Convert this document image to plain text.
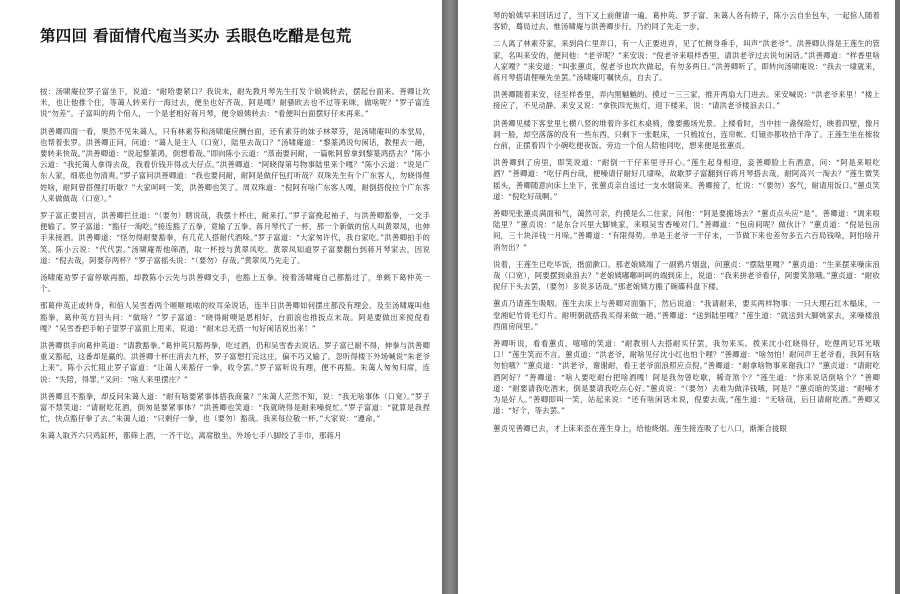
第四回 看面情代庖当买办 丢眼色吃醋是包荒

按：汤啸庵拉罗子富坐下，说道：“耐哈要紧口？我说末，耐先教月琴先生打发个娘姨转去，摆起台面来。善卿让坎米，也让他推个住，等蔼人转来行一海过去，便坐也好齐哉，阿是嘎？耐骚欧去也不过等来咪，做啥呢？”罗子富连说“勿差”。子富叫的两个倌人，一个是老相好蒋月琴，便令娘姨转去：“看便叫台面摆好仔末再来。”

洪善卿四面一看，果然不见朱蔼人，只有林素芬和汤啸庵应酬台面，还有素芬的妹子林翠芬，是汤啸庵叫的本堂局，也帮着张罗。洪善卿正问，问道：“蔼人是主人（口宽），陆里去哉口？”汤啸庵道：“黎篆鸿说句闲话，教俚去一趟，要转来快哉。”洪善卿道：“说起黎篆鸿，倒想着哉。”即向陈小云道：“蒸南要问耐，一篇帐阿曾拿到黎篆鸿搭去？”陈小云道：“我托蔼人拿得去哉，我看价钱开得忒大仔点。”洪善卿道：“阿晓得第号物事陆里来个嘎？”陈小云道：“说是广东人家，细底也勿清爽。”罗子富问洪善卿道：“我也要问耐，耐阿是做仔包打听哉？双珠先生有个广东客人，勿晓得俚姓啥，耐阿曾搭俚打听歇？”大家呵呵一笑，洪善卿也笑了。周双珠道：“倪阿有啥广东客人嘎，耐倒搭倪拉个广东客人来做做哉（口宽）。”

罗子富正要回言，洪善卿拦住道：“（要勿）瞎说哉，我摆十杯庄，耐来打。”罗子富挽起袖子，与洪善卿豁拳，一交手便输了。罗子富道：“豁仔一淘吃。”接连豁了五拳，竟输了五拳。蒋月琴代了一杯，那一个新做的倌人叫黄翠凤，也伸手来接酒。洪善卿道：“怪勿得耐要豁拳，有几花人搭耐代酒哚。”罗子富道：“大家匆许代，我自家吃。”洪善卿拍手的笑。陈小云说：“代代罢。”汤啸庵帮他筛酒，取一杯授与黄翠凤吃。黄翠凤知道罗子富要翻台到蒋月琴家去，因说道：“倪去哉，阿要存两杯？”罗子富摇头说：“（要勿）存哉。”黄翠凤乃先走了。

汤啸庵劝罗子富停歇再豁，却教陈小云先与洪善卿交手，也豁上五拳。接着汤啸庵自己都豁过了，单剩下葛仲英一个。

那葛仲英正或转身，和倌人吴雪香两个咂咂哝哝的咬耳朵说话，连半日洪善卿如何摆庄都没有理会。及至汤啸庵叫他豁拳，葛仲英方回头问：“做啥？”罗子富道：“晓得耐噢是恩相好，台面浪也推扳点末哉。阿是要做出来搅倪看嘎？”吴雪香把手帕子望罗子富面上甩来，说道：“耐末总无搭一句好闲话说出来！”

洪善卿拱手向葛仲英道：“请教豁拳。”葛仲英只豁两拳，吃过酒，仍和吴雪香去说话。罗子富已耐不得，伸拳与洪善卿重又豁起，这番却是赢的。洪善卿十杯庄消去九杯，罗子富想打完这庄，偏不巧又输了。忽听得楼下外场喊说“朱老爷上来”。陈小云忙阻止罗子富道：“让蔼人来豁仔一拳，收令罢。”罗子富听说有理，便不再豁。朱蔼人匆匆归席，连说：“失陪，得罪。”又问：“啥人来里摆庄？”

洪善卿且不豁拳，却反问朱蔼人道：“耐有啥要紧事体搭我商量？”朱蔼人茫然不知，说：“我无啥事体（口宽）。”罗子富不禁笑道：“请耐吃花酒，倒匆是要紧事体？”洪善卿也笑道：“我就晓得是耐来噪捉忙。”罗子富道：“就算是我捏忙，快点豁仔拳了去。”朱蔼人道：“只剩仔一拳，也（要勿）豁哉。我来每位敬一杯。”大家说：“遵命。”

朱蔼人取齐六只鸡缸杯，都筛上酒，一齐干讫，离席散坐。外场七手八脚绞了手巾，那蒋月

琴的娘姨早来回话过了，当下又上前催请一遍。葛仲英、罗子富、朱蔼人各有轿子，陈小云自坐包车，一起倌人随着客轿，蓦局过去。惟汤啸庵与洪善卿步行，乃约同了先走一步。

二人离了林素芬家，来到尚仁里弄口，有一人正要进弄，见了忙侧身垂手，叫声“洪老爷”。洪善卿认得是王莲生的管家，名叫来安的，便问他：“老爷呢？”来安说：“倪老爷来哏样香里，请洪老爷过去说句闲话。”洪善卿道：“样香里啥人家嘎？”来安道：“叫张蕙贞，倪老爷也坎坎做起，有勿多两日。”洪善卿听了，即转向汤啸庵说：“我去一埭就来，蒋月琴搭请俚噪先坐罢。”汤啸庵叮嘱快点，自去了。

洪善卿随着来安，径至样香里，弄内黑魆魆的。摸过一三三家，推开两扇大门进去。来安喊说：“洪老爷来里！”楼上接应了，不见动静。来安又说：“拿铁四光焦灯，迎下楼来，说：“请洪老爷楼浪去口。”

洪善卿见楼下客堂里七横八竖的堆着许多红木桌椅，像要搬场光景。上楼看时，当中挂一盏保险灯，映着四壁，像月洞一般，却空落落的没有一些东西，只剩下一张眠床，一只梳妆台，连帘帐、灯镜亦都收拾干净了。王莲生坐在梳妆台前，正摆着四个小碗吃便夜饭。旁边一个倌人陪他同吃，想来便是张蕙贞。

洪善卿到了房里，即笑说道：“耐倒一干仔来里寻开心。”莲生起身相迎，妾善卿脸上有酒意，问：“阿是来哏吃酒？”善卿道：“吃仔两台哉，便噪请仔耐好几埭哚，故歇罗子富翻到仔蒋月琴搭去哉，耐阿高兴一淘去？”莲生微笑摇头，善卿随意向床上坐下，张蕙贞亲自送过一支水烟筒来。善卿接了，忙说：“（要勿）客气，耐请用饭口。”蕙贞笑道：“倪吃好哉啊。”

善卿见张蕙贞满面和气，蔼然可亲，约摸是么二住家，问他：“阿是要搬场去？”蕙贞点头应“是”。善卿道：“调来哏陆里？”蕙贞说：“是东合兴里大脚姚家，来哏吴雪香噪对门。”善卿道：“包房间呢？做伙计？”蕙贞道：“倪是包房间，三十块洋钱一月哚。”善卿道：“有限得势。单是王老爷一干仔末，一节做下来也差勿多五六百局钱哚，阿怕啥开消勿出？”

说着，王莲生已吃毕饭，揩面漱口。那老娘姨端了一副鸦片烟盘，问蕙贞：“摆陆里嘎？”蕙贞道：“生来摆来噪床浪哉（口宽），阿要摆到桌浪去？”老娘姨嘟嘟呵呵的端到床上，说道：“我来拼老爷看仔，阿要笑煞哦。”蕙贞道：“耐收捉仔下头去罢，（要勿）多说多话哉。”那老娘姨方搬了碗碟科盘下楼。

蕙贞乃请莲生吸咽。莲生去床上与善卿对面躺下，然后说道：“我请耐来，要买两样物事：一只大理石红木榻床，一堂湘妃竹骨毛灯片。耐明朝就搭我买得来做一趟。”善卿道：“送到陆里嘎？”莲生道：“就送到大脚姚家去，来噪楼浪西面房间里。”

善卿听说，看看蕙贞，嘻嘻的笑道：“耐教别人去搭耐买仔罢，我勿来买。拨来沈小红晓得仔，吃俚两记耳光哦口！”莲生笑而不言。蕙贞道：“洪老爷，耐啥见仔沈小红也怕个哩？”善卿道：“啥勿怕！耐问声王老爷看，我阿有啥勿怕哦？”蕙贞道：“洪老爷，谢谢耐，看王老爷面浪照应点倪。”善卿道：“耐拿啥物事来谢我口？”蕙贞道：“请耐吃酒阿好？”善卿道：“啥人要吃耐台把啥酒嘎！阿是我勿曾吃歇，稀奇煞个？”莲生道：“你来说话倒啥个？”善卿道：“耐要请我吃酒末，倒是要请我吃点心好。”蕙贞说：“（要勿）去难为做洋钱哦，阿是？”蕙贞暗的笑道：“耐噪才为是好人。”善卿即叫一笑，站起来说：“还有啥闲话末说，倪要去哉。”莲生道：“无啥哉，后日请耐吃酒。”善卿又道：“好个，等去罢。”

蕙贞见善卿已去，才上床来歪在莲生身上，给他烧烟。莲生接连吸了七八口，渐渐合拢眼
